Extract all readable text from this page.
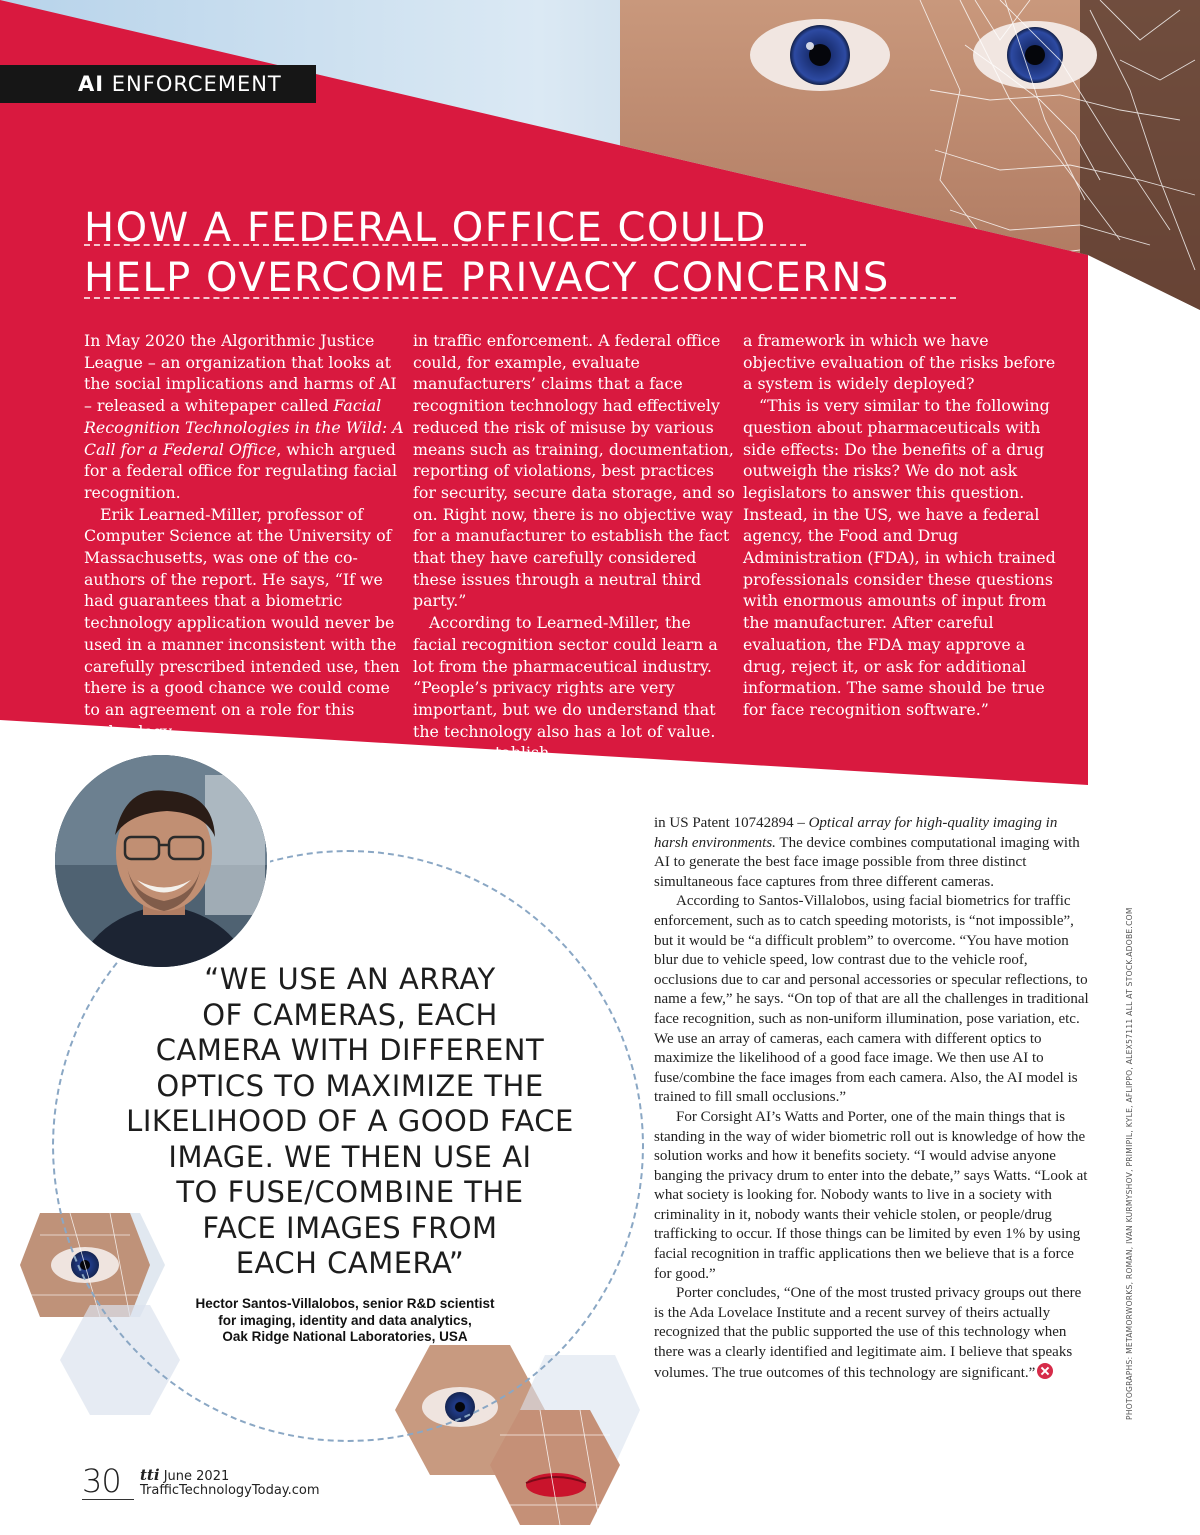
AI ENFORCEMENT
HOW A FEDERAL OFFICE COULD
HELP OVERCOME PRIVACY CONCERNS

In May 2020 the Algorithmic Justice League – an organization that looks at the social implications and harms of AI – released a whitepaper called Facial Recognition Technologies in the Wild: A Call for a Federal Office, which argued for a federal office for regulating facial recognition.

Erik Learned-Miller, professor of Computer Science at the University of Massachusetts, was one of the co-authors of the report. He says, “If we had guarantees that a biometric technology application would never be used in a manner inconsistent with the carefully prescribed intended use, then there is a good chance we could come to an agreement on a role for this technology

in traffic enforcement. A federal office could, for example, evaluate manufacturers’ claims that a face recognition technology had effectively reduced the risk of misuse by various means such as training, documentation, reporting of violations, best practices for security, secure data storage, and so on. Right now, there is no objective way for a manufacturer to establish the fact that they have carefully considered these issues through a neutral third party.”

According to Learned-Miller, the facial recognition sector could learn a lot from the pharmaceutical industry. “People’s privacy rights are very important, but we do understand that the technology also has a lot of value. Can we establish

a framework in which we have objective evaluation of the risks before a system is widely deployed?

“This is very similar to the following question about pharmaceuticals with side effects: Do the benefits of a drug outweigh the risks? We do not ask legislators to answer this question. Instead, in the US, we have a federal agency, the Food and Drug Administration (FDA), in which trained professionals consider these questions with enormous amounts of input from the manufacturer. After careful evaluation, the FDA may approve a drug, reject it, or ask for additional information. The same should be true for face recognition software.”

“WE USE AN ARRAY
OF CAMERAS, EACH
CAMERA WITH DIFFERENT
OPTICS TO MAXIMIZE THE
LIKELIHOOD OF A GOOD FACE
IMAGE. WE THEN USE AI
TO FUSE/COMBINE THE
FACE IMAGES FROM
EACH CAMERA”
Hector Santos-Villalobos, senior R&D scientist
for imaging, identity and data analytics,
Oak Ridge National Laboratories, USA

in US Patent 10742894 – Optical array for high-quality imaging in harsh environments. The device combines computational imaging with AI to generate the best face image possible from three distinct simultaneous face captures from three different cameras.

According to Santos-Villalobos, using facial biometrics for traffic enforcement, such as to catch speeding motorists, is “not impossible”, but it would be “a difficult problem” to overcome. “You have motion blur due to vehicle speed, low contrast due to the vehicle roof, occlusions due to car and personal accessories or specular reflections, to name a few,” he says. “On top of that are all the challenges in traditional face recognition, such as non-uniform illumination, pose variation, etc. We use an array of cameras, each camera with different optics to maximize the likelihood of a good face image. We then use AI to fuse/combine the face images from each camera. Also, the AI model is trained to fill small occlusions.”

For Corsight AI’s Watts and Porter, one of the main things that is standing in the way of wider biometric roll out is knowledge of how the solution works and how it benefits society. “I would advise anyone banging the privacy drum to enter into the debate,” says Watts. “Look at what society is looking for. Nobody wants to live in a society with criminality in it, nobody wants their vehicle stolen, or people/drug trafficking to occur. If those things can be limited by even 1% by using facial recognition in traffic applications then we believe that is a force for good.”

Porter concludes, “One of the most trusted privacy groups out there is the Ada Lovelace Institute and a recent survey of theirs actually recognized that the public supported the use of this technology when there was a clearly identified and legitimate aim. I believe that speaks volumes. The true outcomes of this technology are significant.”	PHOTOGRAPHS: METAMORWORKS, ROMAN, IVAN KURMYSHOV, PRIMIPIL, KYLE, AFLIPPO, ALEX57111 ALL AT STOCK.ADOBE.COM
30 tti June 2021
TrafficTechnologyToday.com
